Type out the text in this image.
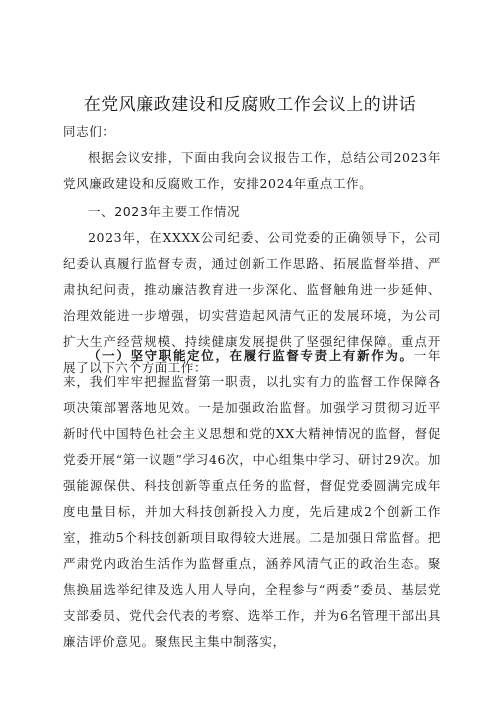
在党风廉政建设和反腐败工作会议上的讲话
同志们：
根据会议安排，下面由我向会议报告工作，总结公司2023年党风廉政建设和反腐败工作，安排2024年重点工作。
一、2023年主要工作情况
2023年，在XXXX公司纪委、公司党委的正确领导下，公司纪委认真履行监督专责，通过创新工作思路、拓展监督举措、严肃执纪问责，推动廉洁教育进一步深化、监督触角进一步延伸、治理效能进一步增强，切实营造起风清气正的发展环境，为公司扩大生产经营规模、持续健康发展提供了坚强纪律保障。重点开展了以下六个方面工作：
（一）坚守职能定位，在履行监督专责上有新作为。一年来，我们牢牢把握监督第一职责，以扎实有力的监督工作保障各项决策部署落地见效。一是加强政治监督。加强学习贯彻习近平新时代中国特色社会主义思想和党的XX大精神情况的监督，督促党委开展“第一议题”学习46次，中心组集中学习、研讨29次。加强能源保供、科技创新等重点任务的监督，督促党委圆满完成年度电量目标，并加大科技创新投入力度，先后建成2个创新工作室，推动5个科技创新项目取得较大进展。二是加强日常监督。把严肃党内政治生活作为监督重点，涵养风清气正的政治生态。聚焦换届选举纪律及选人用人导向，全程参与“两委”委员、基层党支部委员、党代会代表的考察、选举工作，并为6名管理干部出具廉洁评价意见。聚焦民主集中制落实，
